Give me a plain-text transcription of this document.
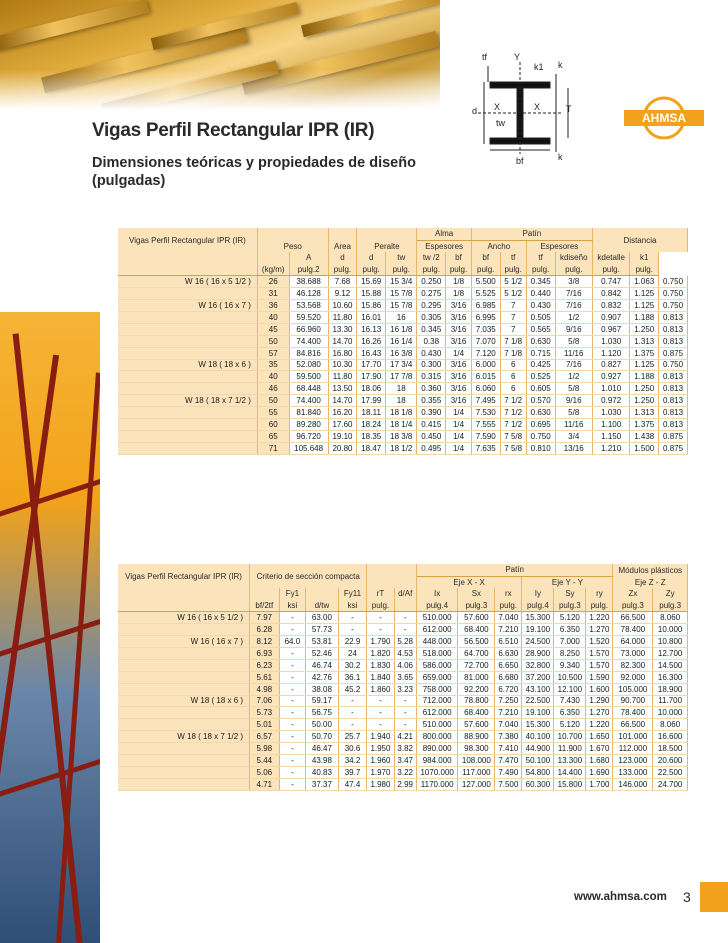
tf	Y
k1 k
d X	X
tw
T
bf	k
AHMSA
Vigas Perfil Rectangular IPR (IR)
Dimensiones teóricas y propiedades de diseño (pulgadas)
Vigas Perfil Rectangular IPR (IR)						Alma		Patín				Distancia		
	Peso		Area	Peralte		Espesores		Ancho		Espesores				
		A	d	d	tw	tw /2	bf	bf	tf	tf	kdiseño	kdetalle	k1	
	(kg/m)	pulg.2	pulg.	pulg.	pulg.	pulg.	pulg.	pulg.	pulg.	pulg.	pulg.	pulg.	pulg.	
W 16 ( 16 x 5 1/2 )	26	38.688	7.68	15.69	15 3/4	0.250	1/8	5.500	5 1/2	0.345	3/8	0.747	1.063	0.750
	31	46.128	9.12	15.88	15 7/8	0.275	1/8	5.525	5 1/2	0.440	7/16	0.842	1.125	0.750
W 16 ( 16 x 7 )	36	53.568	10.60	15.86	15 7/8	0.295	3/16	6.985	7	0.430	7/16	0.832	1.125	0.750
	40	59.520	11.80	16.01	16	0.305	3/16	6.995	7	0.505	1/2	0.907	1.188	0.813
	45	66.960	13.30	16.13	16 1/8	0.345	3/16	7.035	7	0.565	9/16	0.967	1.250	0.813
	50	74.400	14.70	16.26	16 1/4	0.38	3/16	7.070	7 1/8	0.630	5/8	1.030	1.313	0.813
	57	84.816	16.80	16.43	16 3/8	0.430	1/4	7.120	7 1/8	0.715	11/16	1.120	1.375	0.875
W 18 ( 18 x 6 )	35	52.080	10.30	17.70	17 3/4	0.300	3/16	6.000	6	0.425	7/16	0.827	1.125	0.750
	40	59.500	11.80	17.90	17 7/8	0.315	3/16	6.015	6	0.525	1/2	0.927	1.188	0.813
	46	68.448	13.50	18.06	18	0.360	3/16	6.060	6	0.605	5/8	1.010	1.250	0.813
W 18 ( 18 x 7 1/2 )	50	74.400	14.70	17.99	18	0.355	3/16	7.495	7 1/2	0.570	9/16	0.972	1.250	0.813
	55	81.840	16.20	18.11	18 1/8	0.390	1/4	7.530	7 1/2	0.630	5/8	1.030	1.313	0.813
	60	89.280	17.60	18.24	18 1/4	0.415	1/4	7.555	7 1/2	0.695	11/16	1.100	1.375	0.813
	65	96.720	19.10	18.35	18 3/8	0.450	1/4	7.590	7 5/8	0.750	3/4	1.150	1.438	0.875
	71	105.648	20.80	18.47	18 1/2	0.495	1/4	7.635	7 5/8	0.810	13/16	1.210	1.500	0.875
Vigas Perfil Rectangular IPR (IR)	Criterio de sección compacta						Patín						Módulos plásticos	
							Eje X - X			Eje Y - Y			Eje Z - Z	
		Fy1		Fy11	rT	d/Af	Ix	Sx	rx	Iy	Sy	ry	Zx	Zy
	bf/2tf	ksi	d/tw	ksi	pulg.		pulg.4	pulg.3	pulg.	pulg.4	pulg.3	pulg.	pulg.3	pulg.3
W 16 ( 16 x 5 1/2 )	7.97	-	63.00	-	-	-	510.000	57.600	7.040	15.300	5.120	1.220	66.500	8.060
	6.28	-	57.73	-	-	-	612.000	68.400	7.210	19.100	6.350	1.270	78.400	10.000
W 16 ( 16 x 7 )	8.12	64.0	53.81	22.9	1.790	5.28	448.000	56.500	6.510	24.500	7.000	1.520	64.000	10.800
	6.93	-	52.46	24	1.820	4.53	518.000	64.700	6.630	28.900	8.250	1.570	73.000	12.700
	6.23	-	46.74	30.2	1.830	4.06	586.000	72.700	6.650	32.800	9.340	1.570	82.300	14.500
	5.61	-	42.76	36.1	1.840	3.65	659.000	81.000	6.680	37.200	10.500	1.590	92.000	16.300
	4.98	-	38.08	45.2	1.860	3.23	758.000	92.200	6.720	43.100	12.100	1.600	105.000	18.900
W 18 ( 18 x 6 )	7.06	-	59.17	-	-	-	712.000	78.800	7.250	22.500	7.430	1.290	90.700	11.700
	5.73	-	56.75	-	-	-	612.000	68.400	7.210	19.100	6.350	1.270	78.400	10.000
	5.01	-	50.00	-	-	-	510.000	57.600	7.040	15.300	5.120	1.220	66.500	8.060
W 18 ( 18 x 7 1/2 )	6.57	-	50.70	25.7	1.940	4.21	800.000	88.900	7.380	40.100	10.700	1.650	101.000	16.600
	5.98	-	46.47	30.6	1.950	3.82	890.000	98.300	7.410	44.900	11.900	1.670	112.000	18.500
	5.44	-	43.98	34.2	1.960	3.47	984.000	108.000	7.470	50.100	13.300	1.680	123.000	20.600
	5.06	-	40.83	39.7	1.970	3.22	1070.000	117.000	7.490	54.800	14.400	1.690	133.000	22.500
	4.71	-	37.37	47.4	1.980	2.99	1170.000	127.000	7.500	60.300	15.800	1.700	146.000	24.700
www.ahmsa.com 3
